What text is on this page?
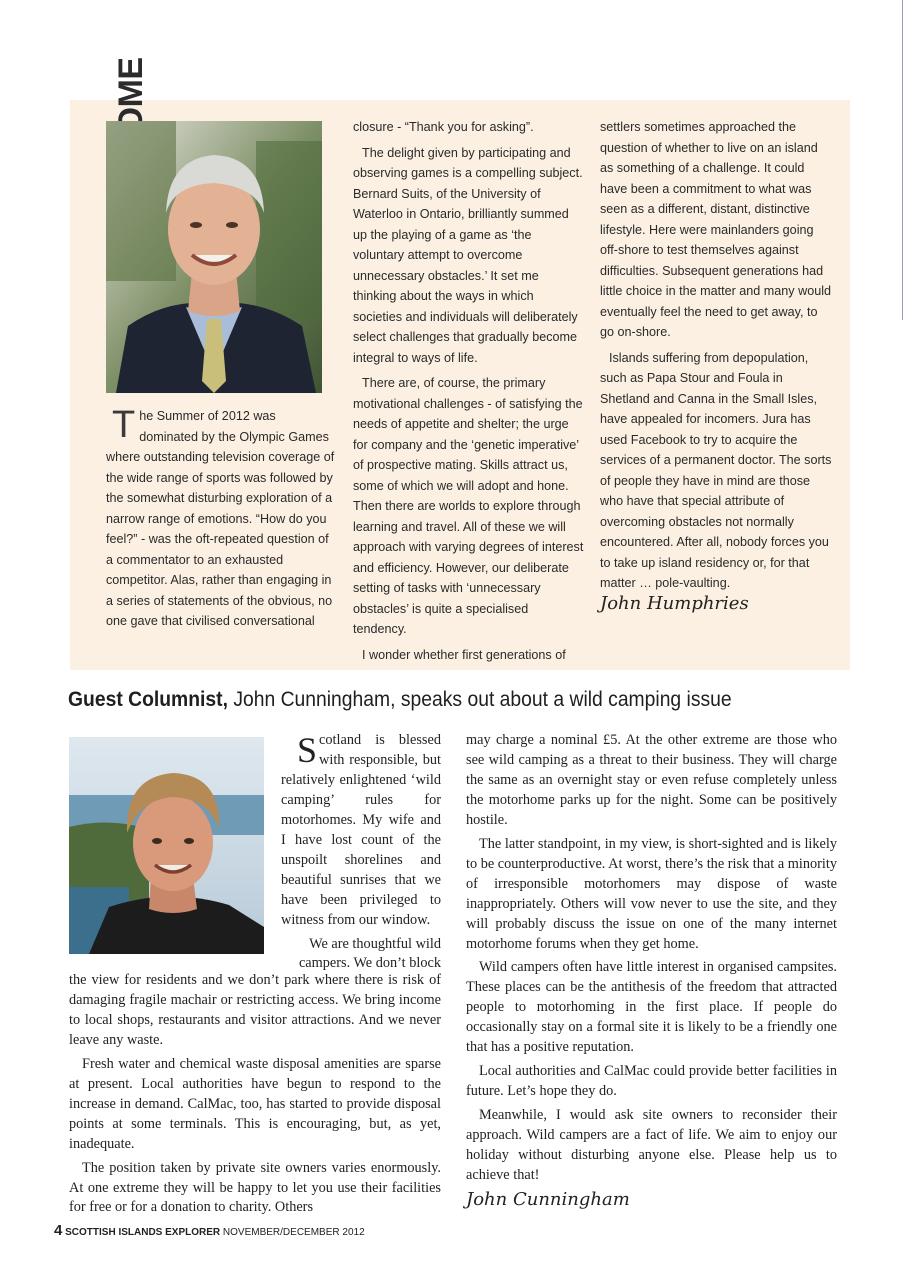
The Summer of 2012 was dominated by the Olympic Games where outstanding television coverage of the wide range of sports was followed by the somewhat disturbing exploration of a narrow range of emotions. “How do you feel?” - was the oft-repeated question of a commentator to an exhausted competitor. Alas, rather than engaging in a series of statements of the obvious, no one gave that civilised conversational

closure - “Thank you for asking”.

The delight given by participating and observing games is a compelling subject. Bernard Suits, of the University of Waterloo in Ontario, brilliantly summed up the playing of a game as ‘the voluntary attempt to overcome unnecessary obstacles.’ It set me thinking about the ways in which societies and individuals will deliberately select challenges that gradually become integral to ways of life.

There are, of course, the primary motivational challenges - of satisfying the needs of appetite and shelter; the urge for company and the ‘genetic imperative’ of prospective mating. Skills attract us, some of which we will adopt and hone. Then there are worlds to explore through learning and travel. All of these we will approach with varying degrees of interest and efficiency. However, our deliberate setting of tasks with ‘unnecessary obstacles’ is quite a specialised tendency.

I wonder whether first generations of

settlers sometimes approached the question of whether to live on an island as something of a challenge. It could have been a commitment to what was seen as a different, distant, distinctive lifestyle. Here were mainlanders going off-shore to test themselves against difficulties. Subsequent generations had little choice in the matter and many would eventually feel the need to get away, to go on-shore.

Islands suffering from depopulation, such as Papa Stour and Foula in Shetland and Canna in the Small Isles, have appealed for incomers. Jura has used Facebook to try to acquire the services of a permanent doctor. The sorts of people they have in mind are those who have that special attribute of overcoming obstacles not normally encountered. After all, nobody forces you to take up island residency or, for that matter … pole-vaulting.

John Humphries

Guest Columnist, John Cunningham, speaks out about a wild camping issue

Scotland is blessed with responsible, but relatively enlightened ‘wild camping’ rules for motorhomes. My wife and I have lost count of the unspoilt shorelines and beautiful sunrises that we have been privileged to witness from our window.

We are thoughtful wild campers. We don’t block

the view for residents and we don’t park where there is risk of damaging fragile machair or restricting access. We bring income to local shops, restaurants and visitor attractions. And we never leave any waste.

Fresh water and chemical waste disposal amenities are sparse at present. Local authorities have begun to respond to the increase in demand. CalMac, too, has started to provide disposal points at some terminals. This is encouraging, but, as yet, inadequate.

The position taken by private site owners varies enormously. At one extreme they will be happy to let you use their facilities for free or for a donation to charity. Others

may charge a nominal £5. At the other extreme are those who see wild camping as a threat to their business. They will charge the same as an overnight stay or even refuse completely unless the motorhome parks up for the night. Some can be positively hostile.

The latter standpoint, in my view, is short-sighted and is likely to be counterproductive. At worst, there’s the risk that a minority of irresponsible motorhomers may dispose of waste inappropriately. Others will vow never to use the site, and they will probably discuss the issue on one of the many internet motorhome forums when they get home.

Wild campers often have little interest in organised campsites. These places can be the antithesis of the freedom that attracted people to motorhoming in the first place. If people do occasionally stay on a formal site it is likely to be a friendly one that has a positive reputation.

Local authorities and CalMac could provide better facilities in future. Let’s hope they do.

Meanwhile, I would ask site owners to reconsider their approach. Wild campers are a fact of life. We aim to enjoy our holiday without disturbing anyone else. Please help us to achieve that!

John Cunningham

4 SCOTTISH ISLANDS EXPLORER NOVEMBER/DECEMBER 2012
